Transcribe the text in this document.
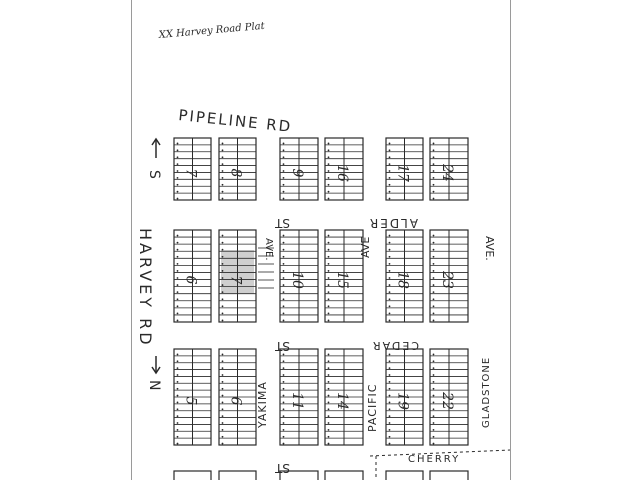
XX Harvey Road Plat
PIPELINE RD
HARVEY RD
S
N
ST	ALDER
ST	CEDAR
ST
CHERRY
AVE.	AVE	AVE.
YAKIMA	PACIFIC	GLADSTONE
7 8	9 16	17 24
6 7	10 15	18 23
5 6	11 14	19 22
